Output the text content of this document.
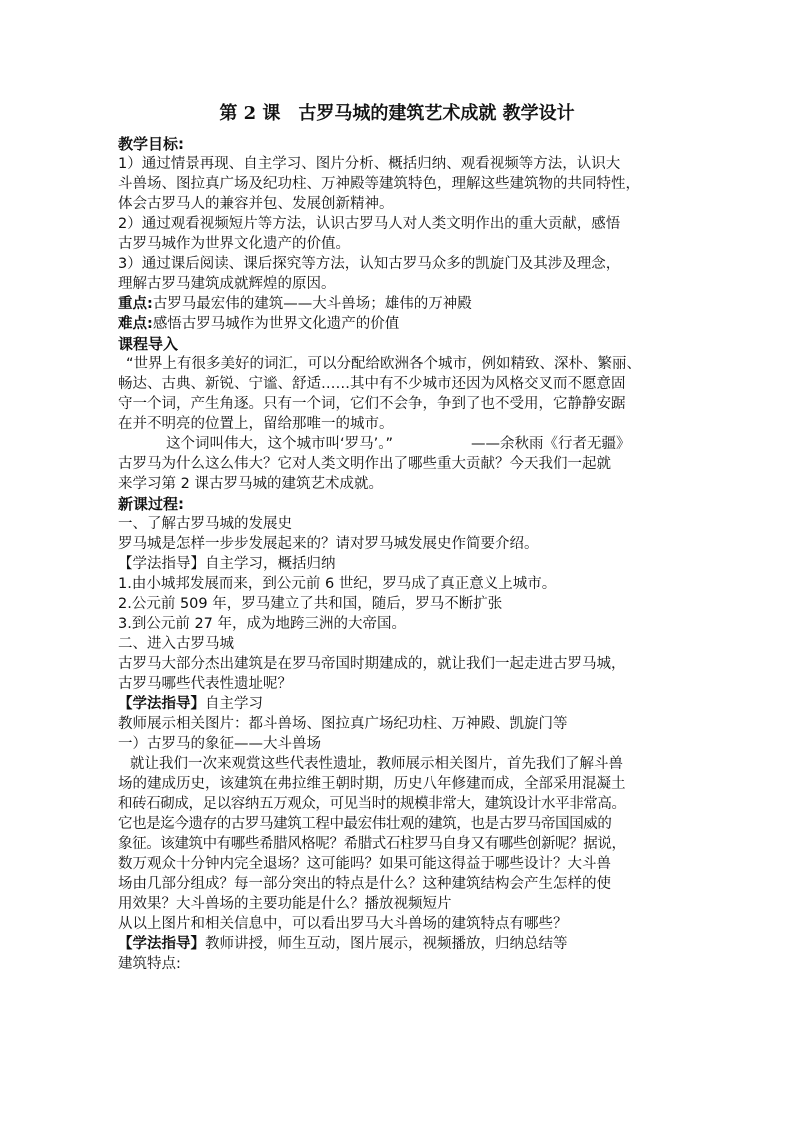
第 2 课　古罗马城的建筑艺术成就 教学设计
教学目标:
1）通过情景再现、自主学习、图片分析、概括归纳、观看视频等方法，认识大
斗兽场、图拉真广场及纪功柱、万神殿等建筑特色，理解这些建筑物的共同特性，
体会古罗马人的兼容并包、发展创新精神。
2）通过观看视频短片等方法，认识古罗马人对人类文明作出的重大贡献，感悟
古罗马城作为世界文化遗产的价值。
3）通过课后阅读、课后探究等方法，认知古罗马众多的凯旋门及其涉及理念，
理解古罗马建筑成就辉煌的原因。
重点:古罗马最宏伟的建筑——大斗兽场；雄伟的万神殿
难点:感悟古罗马城作为世界文化遗产的价值
课程导入
“世界上有很多美好的词汇，可以分配给欧洲各个城市，例如精致、深朴、繁丽、
畅达、古典、新锐、宁谧、舒适……其中有不少城市还因为风格交叉而不愿意固
守一个词，产生角逐。只有一个词，它们不会争，争到了也不受用，它静静安踞
在并不明亮的位置上，留给那唯一的城市。
这个词叫伟大，这个城市叫‘罗马’。”	——余秋雨《行者无疆》
古罗马为什么这么伟大？它对人类文明作出了哪些重大贡献？今天我们一起就
来学习第 2 课古罗马城的建筑艺术成就。
新课过程:
一、了解古罗马城的发展史
罗马城是怎样一步步发展起来的？请对罗马城发展史作简要介绍。
【学法指导】自主学习，概括归纳
1.由小城邦发展而来，到公元前 6 世纪，罗马成了真正意义上城市。
2.公元前 509 年，罗马建立了共和国，随后，罗马不断扩张
3.到公元前 27 年，成为地跨三洲的大帝国。
二、进入古罗马城
古罗马大部分杰出建筑是在罗马帝国时期建成的，就让我们一起走进古罗马城，
古罗马哪些代表性遗址呢？
【学法指导】自主学习
教师展示相关图片：都斗兽场、图拉真广场纪功柱、万神殿、凯旋门等
一）古罗马的象征——大斗兽场
就让我们一次来观赏这些代表性遗址，教师展示相关图片，首先我们了解斗兽
场的建成历史，该建筑在弗拉维王朝时期，历史八年修建而成，全部采用混凝土
和砖石砌成，足以容纳五万观众，可见当时的规模非常大，建筑设计水平非常高。
它也是迄今遗存的古罗马建筑工程中最宏伟壮观的建筑，也是古罗马帝国国威的
象征。该建筑中有哪些希腊风格呢？希腊式石柱罗马自身又有哪些创新呢？据说，
数万观众十分钟内完全退场？这可能吗？如果可能这得益于哪些设计？大斗兽
场由几部分组成？每一部分突出的特点是什么？这种建筑结构会产生怎样的使
用效果？大斗兽场的主要功能是什么？播放视频短片
从以上图片和相关信息中，可以看出罗马大斗兽场的建筑特点有哪些？
【学法指导】教师讲授，师生互动，图片展示，视频播放，归纳总结等
建筑特点:
